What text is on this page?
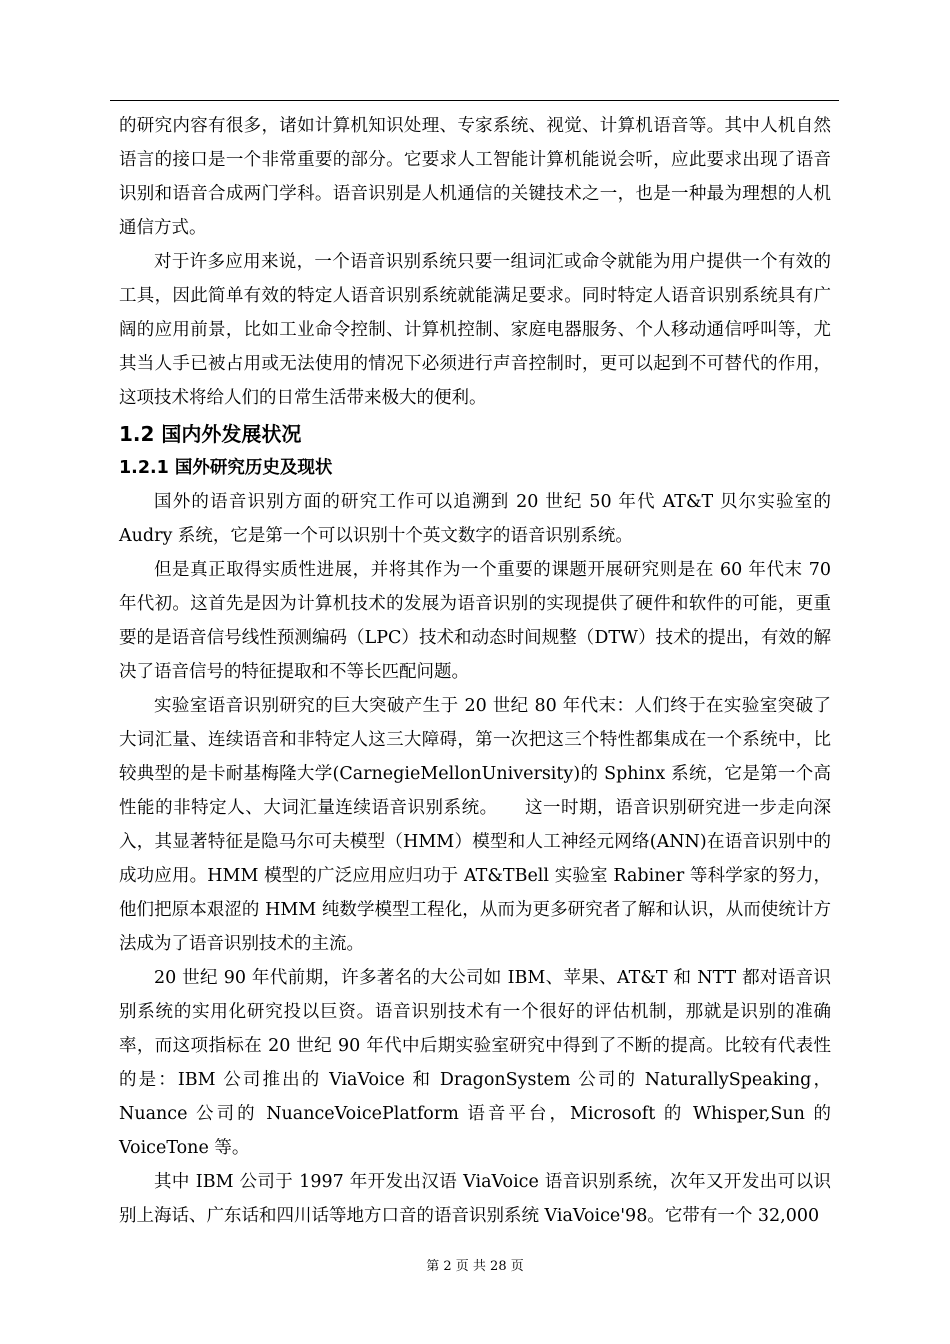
的研究内容有很多，诸如计算机知识处理、专家系统、视觉、计算机语音等。其中人机自然语言的接口是一个非常重要的部分。它要求人工智能计算机能说会听，应此要求出现了语音识别和语音合成两门学科。语音识别是人机通信的关键技术之一，也是一种最为理想的人机通信方式。

对于许多应用来说，一个语音识别系统只要一组词汇或命令就能为用户提供一个有效的工具，因此简单有效的特定人语音识别系统就能满足要求。同时特定人语音识别系统具有广阔的应用前景，比如工业命令控制、计算机控制、家庭电器服务、个人移动通信呼叫等，尤其当人手已被占用或无法使用的情况下必须进行声音控制时，更可以起到不可替代的作用，这项技术将给人们的日常生活带来极大的便利。

1.2 国内外发展状况
1.2.1 国外研究历史及现状

国外的语音识别方面的研究工作可以追溯到 20 世纪 50 年代 AT&T 贝尔实验室的 Audry 系统，它是第一个可以识别十个英文数字的语音识别系统。

但是真正取得实质性进展，并将其作为一个重要的课题开展研究则是在 60 年代末 70 年代初。这首先是因为计算机技术的发展为语音识别的实现提供了硬件和软件的可能，更重要的是语音信号线性预测编码（LPC）技术和动态时间规整（DTW）技术的提出，有效的解决了语音信号的特征提取和不等长匹配问题。

实验室语音识别研究的巨大突破产生于 20 世纪 80 年代末：人们终于在实验室突破了大词汇量、连续语音和非特定人这三大障碍，第一次把这三个特性都集成在一个系统中，比较典型的是卡耐基梅隆大学(CarnegieMellonUniversity)的 Sphinx 系统，它是第一个高性能的非特定人、大词汇量连续语音识别系统。　　这一时期，语音识别研究进一步走向深入，其显著特征是隐马尔可夫模型（HMM）模型和人工神经元网络(ANN)在语音识别中的成功应用。HMM 模型的广泛应用应归功于 AT&TBell 实验室 Rabiner 等科学家的努力，他们把原本艰涩的 HMM 纯数学模型工程化，从而为更多研究者了解和认识，从而使统计方法成为了语音识别技术的主流。

20 世纪 90 年代前期，许多著名的大公司如 IBM、苹果、AT&T 和 NTT 都对语音识别系统的实用化研究投以巨资。语音识别技术有一个很好的评估机制，那就是识别的准确率，而这项指标在 20 世纪 90 年代中后期实验室研究中得到了不断的提高。比较有代表性的是：IBM 公司推出的 ViaVoice 和 DragonSystem 公司的 NaturallySpeaking，Nuance 公司的 NuanceVoicePlatform 语音平台，Microsoft 的 Whisper,Sun 的 VoiceTone 等。

其中 IBM 公司于 1997 年开发出汉语 ViaVoice 语音识别系统，次年又开发出可以识别上海话、广东话和四川话等地方口音的语音识别系统 ViaVoice'98。它带有一个 32,000

第 2 页 共 28 页
